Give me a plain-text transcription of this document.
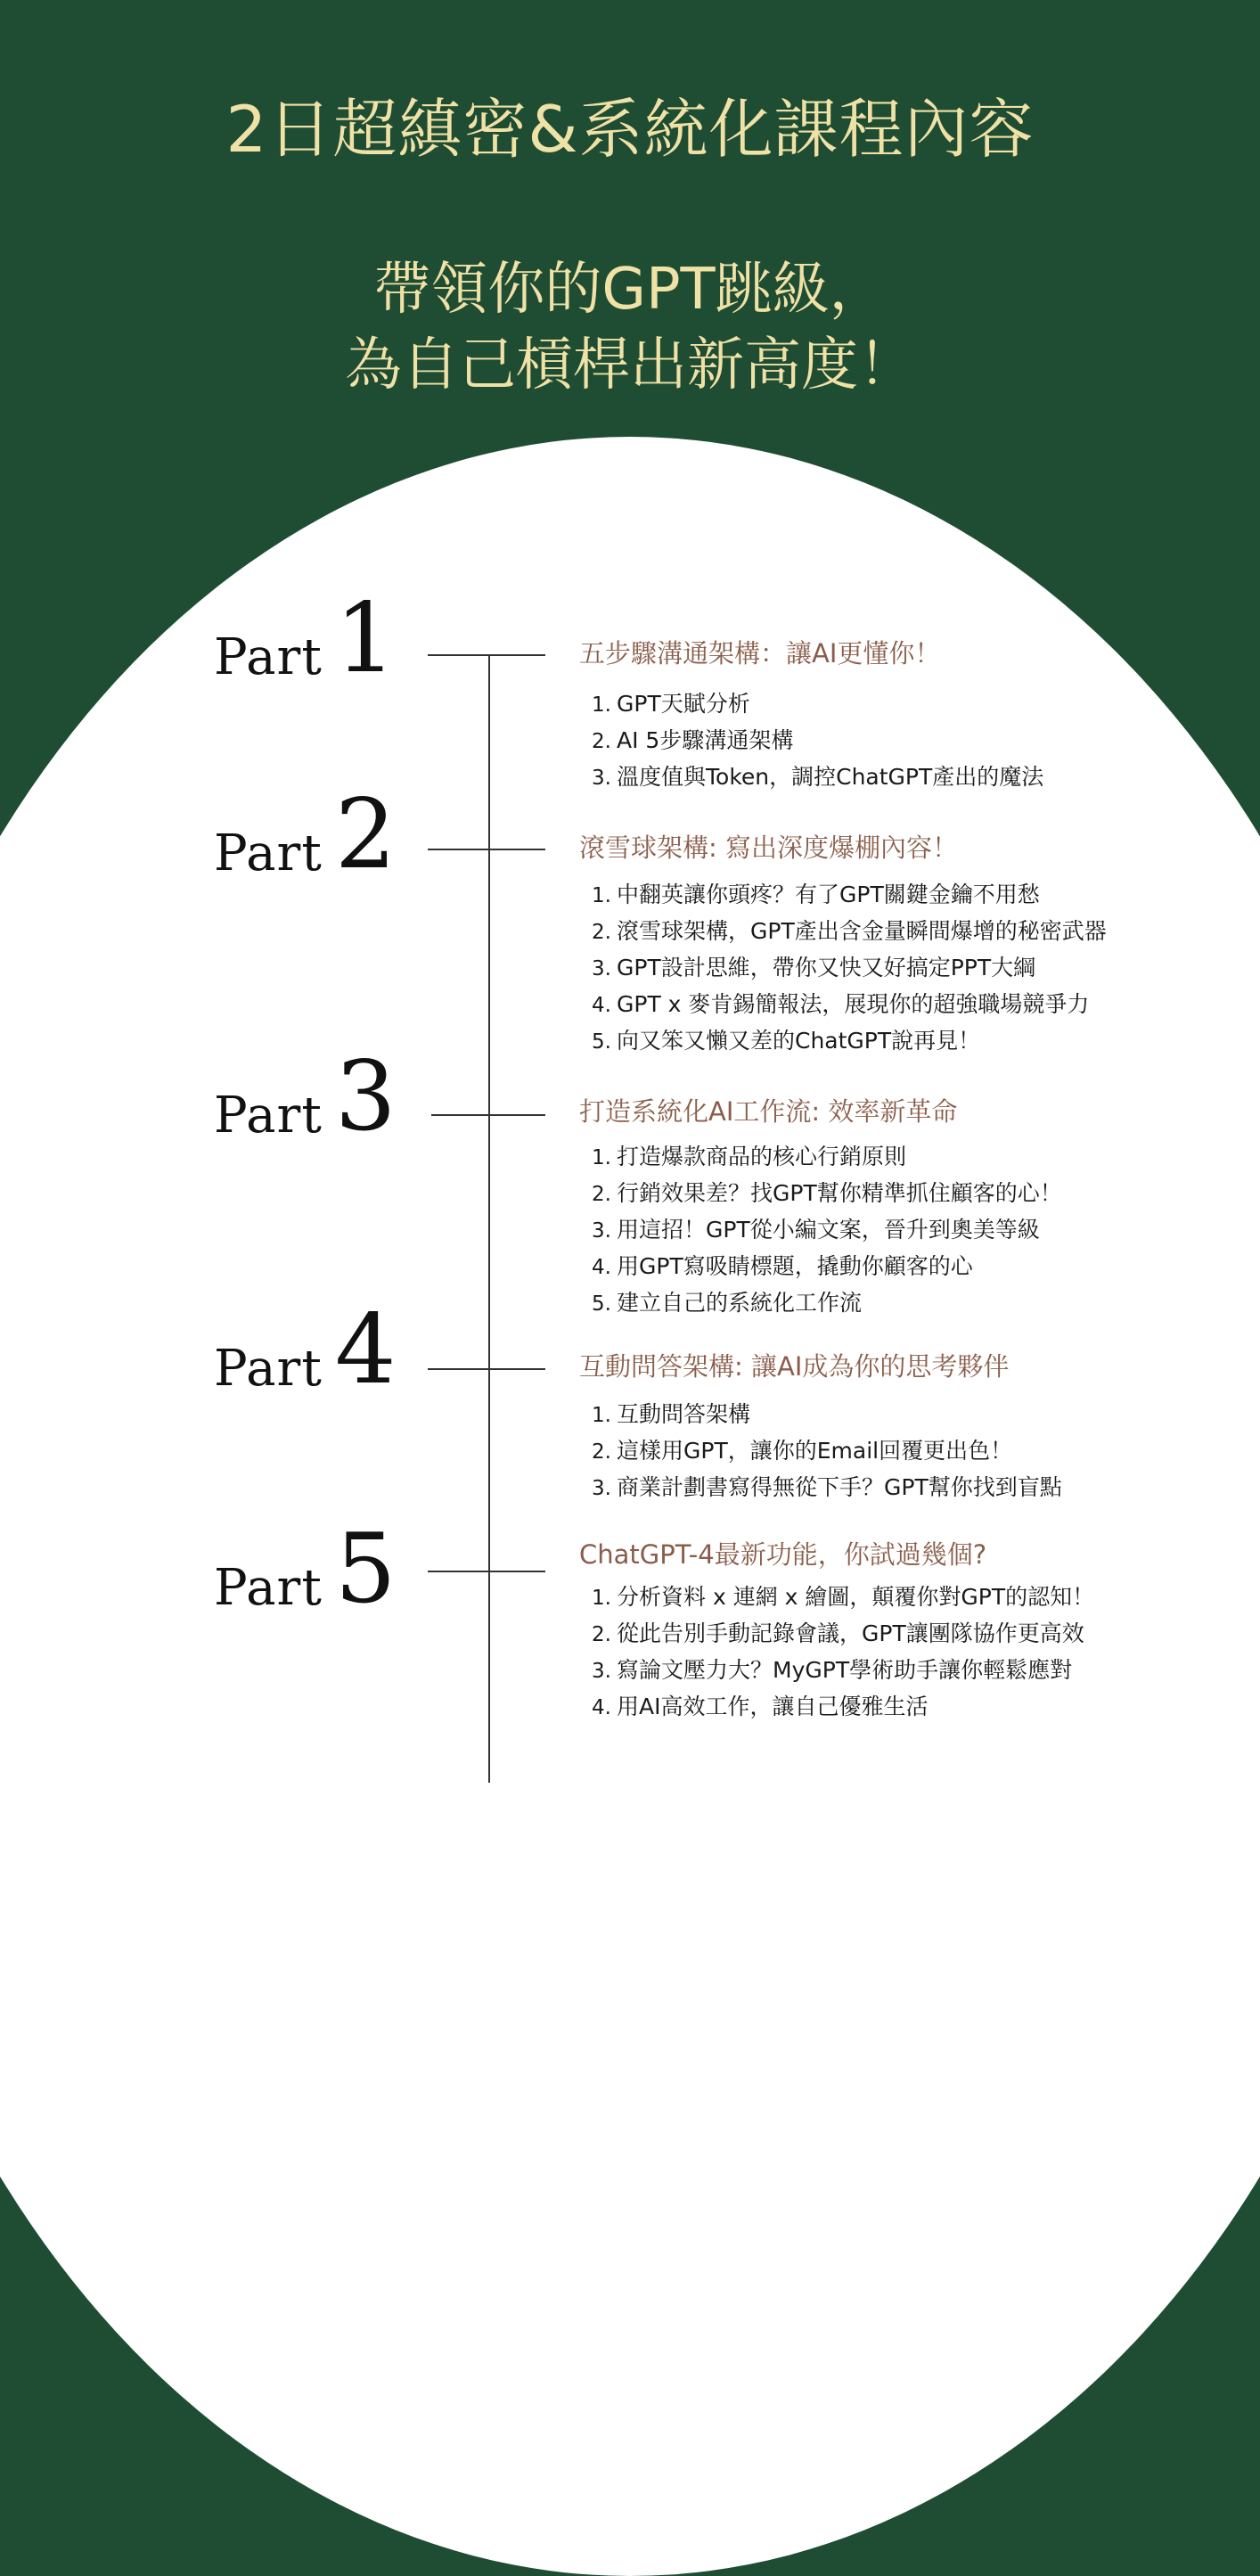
2日超縝密&系統化課程內容
帶領你的GPT跳級，
為自己槓桿出新高度！
Part 1	五步驟溝通架構：讓AI更懂你！
1. GPT天賦分析
2. AI 5步驟溝通架構
3. 溫度值與Token，調控ChatGPT產出的魔法
Part 2	滾雪球架構: 寫出深度爆棚內容！
1. 中翻英讓你頭疼？有了GPT關鍵金鑰不用愁
2. 滾雪球架構，GPT產出含金量瞬間爆增的秘密武器
3. GPT設計思維，帶你又快又好搞定PPT大綱
4. GPT x 麥肯錫簡報法，展現你的超強職場競爭力
5. 向又笨又懶又差的ChatGPT說再見！
Part 3	打造系統化AI工作流: 效率新革命
1. 打造爆款商品的核心行銷原則
2. 行銷效果差？找GPT幫你精準抓住顧客的心！
3. 用這招！GPT從小編文案，晉升到奧美等級
4. 用GPT寫吸睛標題，撬動你顧客的心
5. 建立自己的系統化工作流
Part 4	互動問答架構: 讓AI成為你的思考夥伴
1. 互動問答架構
2. 這樣用GPT，讓你的Email回覆更出色！
3. 商業計劃書寫得無從下手？GPT幫你找到盲點
Part 5	ChatGPT-4最新功能，你試過幾個?
1. 分析資料 x 連網 x 繪圖，顛覆你對GPT的認知！
2. 從此告別手動記錄會議，GPT讓團隊協作更高效
3. 寫論文壓力大？MyGPT學術助手讓你輕鬆應對
4. 用AI高效工作，讓自己優雅生活
